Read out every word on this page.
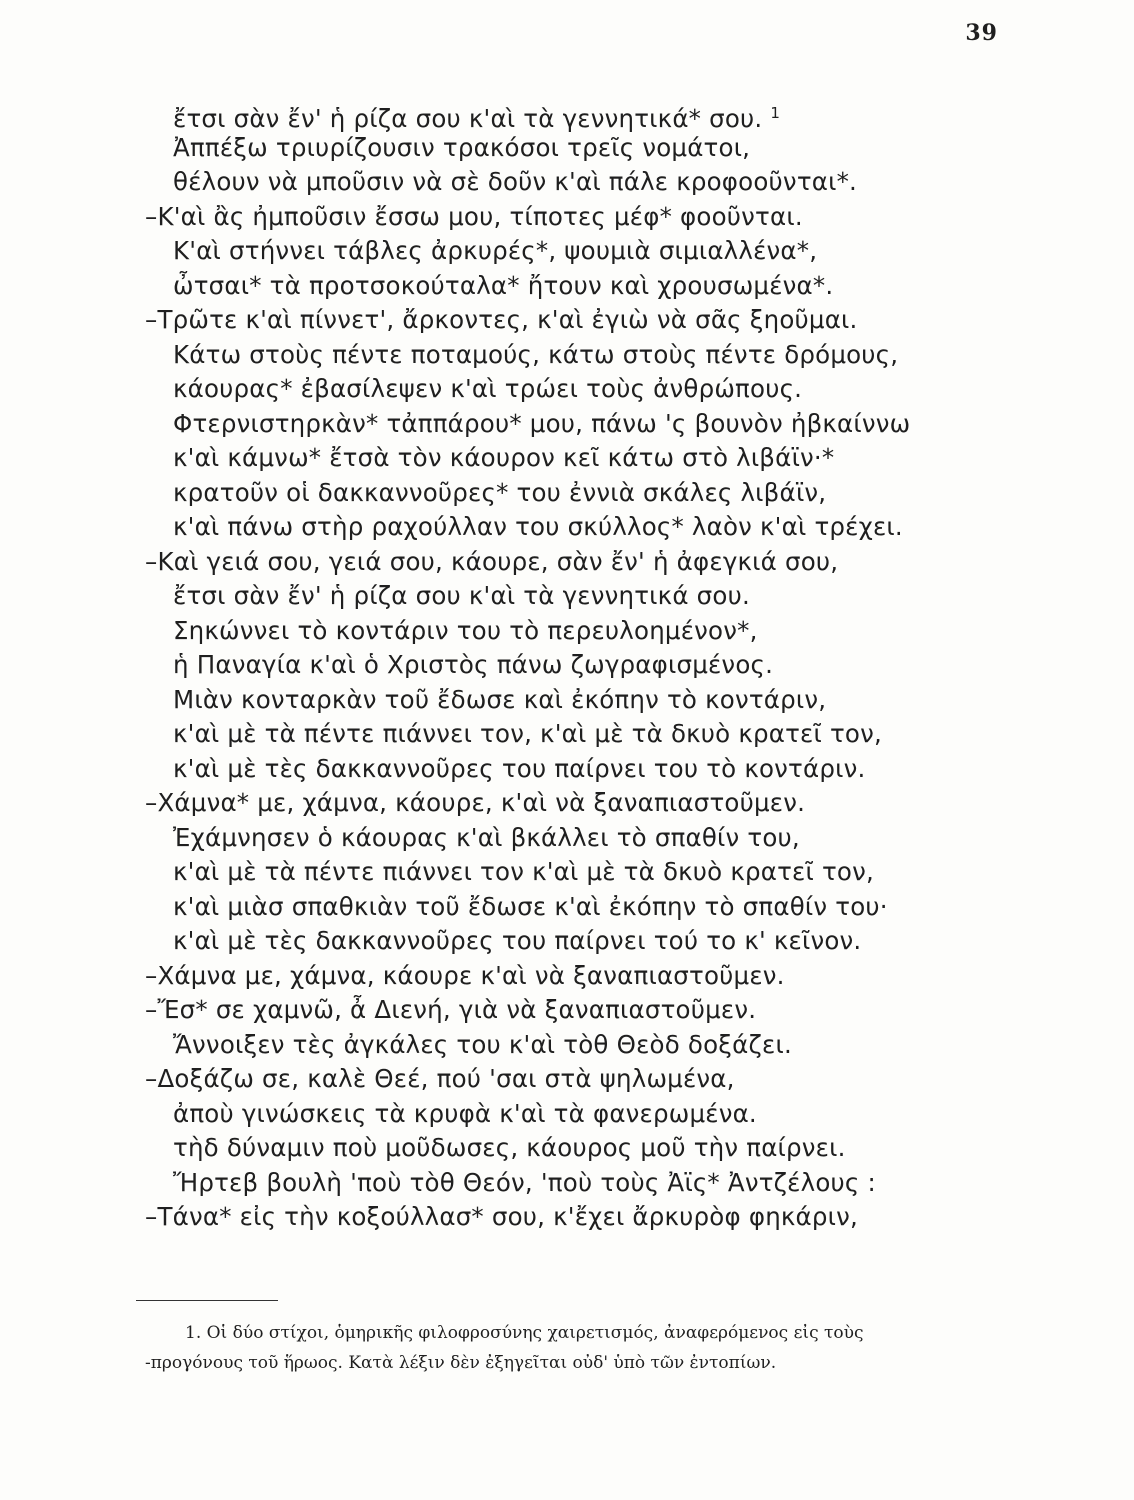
39
ἔτσι σὰν ἔν' ἡ ρίζα σου κ'αὶ τὰ γεννητικά* σου. $^1$
Ἀππέξω τριυρίζουσιν τρακόσοι τρεῖς νομάτοι,
θέλουν νὰ μποῦσιν νὰ σὲ δοῦν κ'αὶ πάλε κροφοοῦνται*.
–Κ'αὶ ἂς ἠμποῦσιν ἔσσω μου, τίποτες μέφ* φοοῦνται.
Κ'αὶ στήννει τάβλες ἀρκυρές*, ψουμιὰ σιμιαλλένα*,
ὦτσαι* τὰ προτσοκούταλα* ἤτουν καὶ χρουσωμένα*.
–Τρῶτε κ'αὶ πίννετ', ἄρκοντες, κ'αὶ ἐγιὼ νὰ σᾶς ξηοῦμαι.
Κάτω στοὺς πέντε ποταμούς, κάτω στοὺς πέντε δρόμους,
κάουρας* ἐβασίλεψεν κ'αὶ τρώει τοὺς ἀνθρώπους.
Φτερνιστηρκὰν* τἀππάρου* μου, πάνω 'ς βουνὸν ἠβκαίννω
κ'αὶ κάμνω* ἔτσὰ τὸν κάουρον κεῖ κάτω στὸ λιβάϊν·*
κρατοῦν οἱ δακκαννοῦρες* του ἐννιὰ σκάλες λιβάϊν,
κ'αὶ πάνω στὴρ ραχούλλαν του σκύλλος* λαὸν κ'αὶ τρέχει.
–Καὶ γειά σου, γειά σου, κάουρε, σὰν ἔν' ἡ ἀφεγκιά σου,
ἔτσι σὰν ἔν' ἡ ρίζα σου κ'αὶ τὰ γεννητικά σου.
Σηκώννει τὸ κοντάριν του τὸ περευλοημένον*,
ἡ Παναγία κ'αὶ ὁ Χριστὸς πάνω ζωγραφισμένος.
Μιὰν κονταρκὰν τοῦ ἔδωσε καὶ ἐκόπην τὸ κοντάριν,
κ'αὶ μὲ τὰ πέντε πιάννει τον, κ'αὶ μὲ τὰ δκυὸ κρατεῖ τον,
κ'αὶ μὲ τὲς δακκαννοῦρες του παίρνει του τὸ κοντάριν.
–Χάμνα* με, χάμνα, κάουρε, κ'αὶ νὰ ξαναπιαστοῦμεν.
Ἐχάμνησεν ὁ κάουρας κ'αὶ βκάλλει τὸ σπαθίν του,
κ'αὶ μὲ τὰ πέντε πιάννει τον κ'αὶ μὲ τὰ δκυὸ κρατεῖ τον,
κ'αὶ μιὰσ σπαθκιὰν τοῦ ἔδωσε κ'αὶ ἐκόπην τὸ σπαθίν του·
κ'αὶ μὲ τὲς δακκαννοῦρες του παίρνει τού το κ' κεῖνον.
–Χάμνα με, χάμνα, κάουρε κ'αὶ νὰ ξαναπιαστοῦμεν.
–Ἔσ* σε χαμνῶ, ἆ Διενή, γιὰ νὰ ξαναπιαστοῦμεν.
Ἄννοιξεν τὲς ἀγκάλες του κ'αὶ τὸθ Θεὸδ δοξάζει.
–Δοξάζω σε, καλὲ Θεέ, πού 'σαι στὰ ψηλωμένα,
ἀποὺ γινώσκεις τὰ κρυφὰ κ'αὶ τὰ φανερωμένα.
τὴδ δύναμιν ποὺ μοῦδωσες, κάουρος μοῦ τὴν παίρνει.
Ἤρτεβ βουλὴ 'ποὺ τὸθ Θεόν, 'ποὺ τοὺς Ἀϊς* Ἀντζέλους :
–Τάνα* εἰς τὴν κοξούλλασ* σου, κ'ἔχει ἄρκυρὸφ φηκάριν,
1. Οἱ δύο στίχοι, ὁμηρικῆς φιλοφροσύνης χαιρετισμός, ἀναφερόμενος εἰς τοὺς
-προγόνους τοῦ ἥρωος. Κατὰ λέξιν δὲν ἐξηγεῖται οὐδ' ὑπὸ τῶν ἐντοπίων.
